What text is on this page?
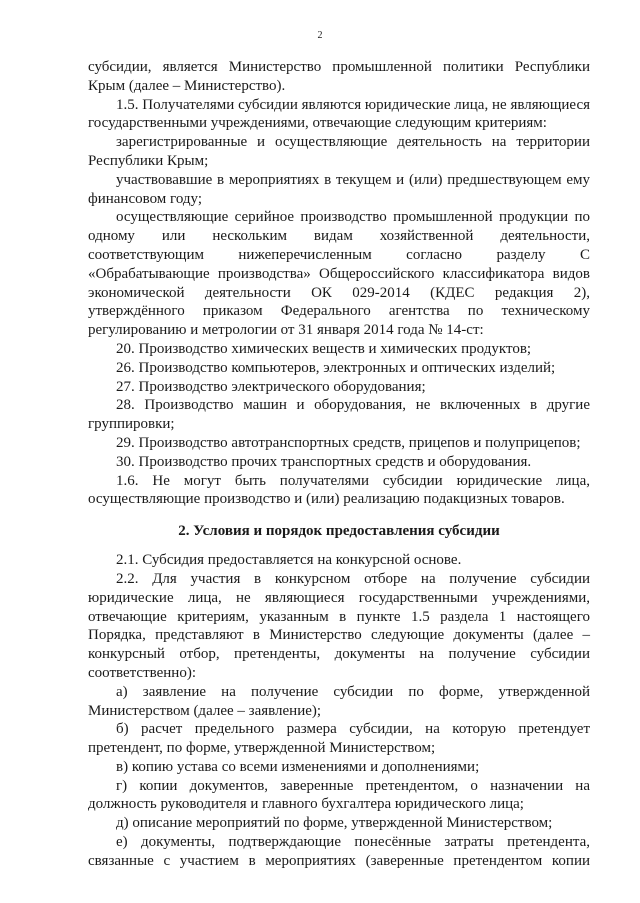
2

субсидии, является Министерство промышленной политики Республики Крым (далее – Министерство).

1.5. Получателями субсидии являются юридические лица, не являющиеся государственными учреждениями, отвечающие следующим критериям:

зарегистрированные и осуществляющие деятельность на территории Республики Крым;

участвовавшие в мероприятиях в текущем и (или) предшествующем ему финансовом году;

осуществляющие серийное производство промышленной продукции по одному или нескольким видам хозяйственной деятельности, соответствующим нижеперечисленным согласно разделу С «Обрабатывающие производства» Общероссийского классификатора видов экономической деятельности ОК 029-2014 (КДЕС редакция 2), утверждённого приказом Федерального агентства по техническому регулированию и метрологии от 31 января 2014 года № 14-ст:

20. Производство химических веществ и химических продуктов;

26. Производство компьютеров, электронных и оптических изделий;

27. Производство электрического оборудования;

28. Производство машин и оборудования, не включенных в другие группировки;

29. Производство автотранспортных средств, прицепов и полуприцепов;

30. Производство прочих транспортных средств и оборудования.

1.6. Не могут быть получателями субсидии юридические лица, осуществляющие производство и (или) реализацию подакцизных товаров.

2. Условия и порядок предоставления субсидии

2.1. Субсидия предоставляется на конкурсной основе.

2.2. Для участия в конкурсном отборе на получение субсидии юридические лица, не являющиеся государственными учреждениями, отвечающие критериям, указанным в пункте 1.5 раздела 1 настоящего Порядка, представляют в Министерство следующие документы (далее – конкурсный отбор, претенденты, документы на получение субсидии соответственно):

а) заявление на получение субсидии по форме, утвержденной Министерством (далее – заявление);

б) расчет предельного размера субсидии, на которую претендует претендент, по форме, утвержденной Министерством;

в) копию устава со всеми изменениями и дополнениями;

г) копии документов, заверенные претендентом, о назначении на должность руководителя и главного бухгалтера юридического лица;

д) описание мероприятий по форме, утвержденной Министерством;

е) документы, подтверждающие понесённые затраты претендента, связанные с участием в мероприятиях (заверенные претендентом копии
